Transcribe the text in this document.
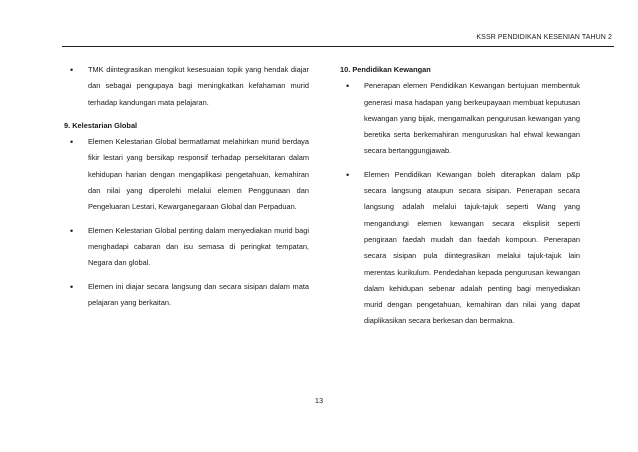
KSSR PENDIDIKAN KESENIAN TAHUN 2
• TMK diintegrasikan mengikut kesesuaian topik yang hendak diajar dan sebagai pengupaya bagi meningkatkan kefahaman murid terhadap kandungan mata pelajaran.
9. Kelestarian Global
• Elemen Kelestarian Global bermatlamat melahirkan murid berdaya fikir lestari yang bersikap responsif terhadap persekitaran dalam kehidupan harian dengan mengaplikasi pengetahuan, kemahiran dan nilai yang diperolehi melalui elemen Penggunaan dan Pengeluaran Lestari, Kewarganegaraan Global dan Perpaduan.
• Elemen Kelestarian Global penting dalam menyediakan murid bagi menghadapi cabaran dan isu semasa di peringkat tempatan, Negara dan global.
• Elemen ini diajar secara langsung dan secara sisipan dalam mata pelajaran yang berkaitan.
10. Pendidikan Kewangan
• Penerapan elemen Pendidikan Kewangan bertujuan membentuk generasi masa hadapan yang berkeupayaan membuat keputusan kewangan yang bijak, mengamalkan pengurusan kewangan yang beretika serta berkemahiran menguruskan hal ehwal kewangan secara bertanggungjawab.
• Elemen Pendidikan Kewangan boleh diterapkan dalam p&p secara langsung ataupun secara sisipan. Penerapan secara langsung adalah melalui tajuk-tajuk seperti Wang yang mengandungi elemen kewangan secara eksplisit seperti pengiraan faedah mudah dan faedah kompoun. Penerapan secara sisipan pula diintegrasikan melalui tajuk-tajuk lain merentas kurikulum. Pendedahan kepada pengurusan kewangan dalam kehidupan sebenar adalah penting bagi menyediakan murid dengan pengetahuan, kemahiran dan nilai yang dapat diaplikasikan secara berkesan dan bermakna.
13
